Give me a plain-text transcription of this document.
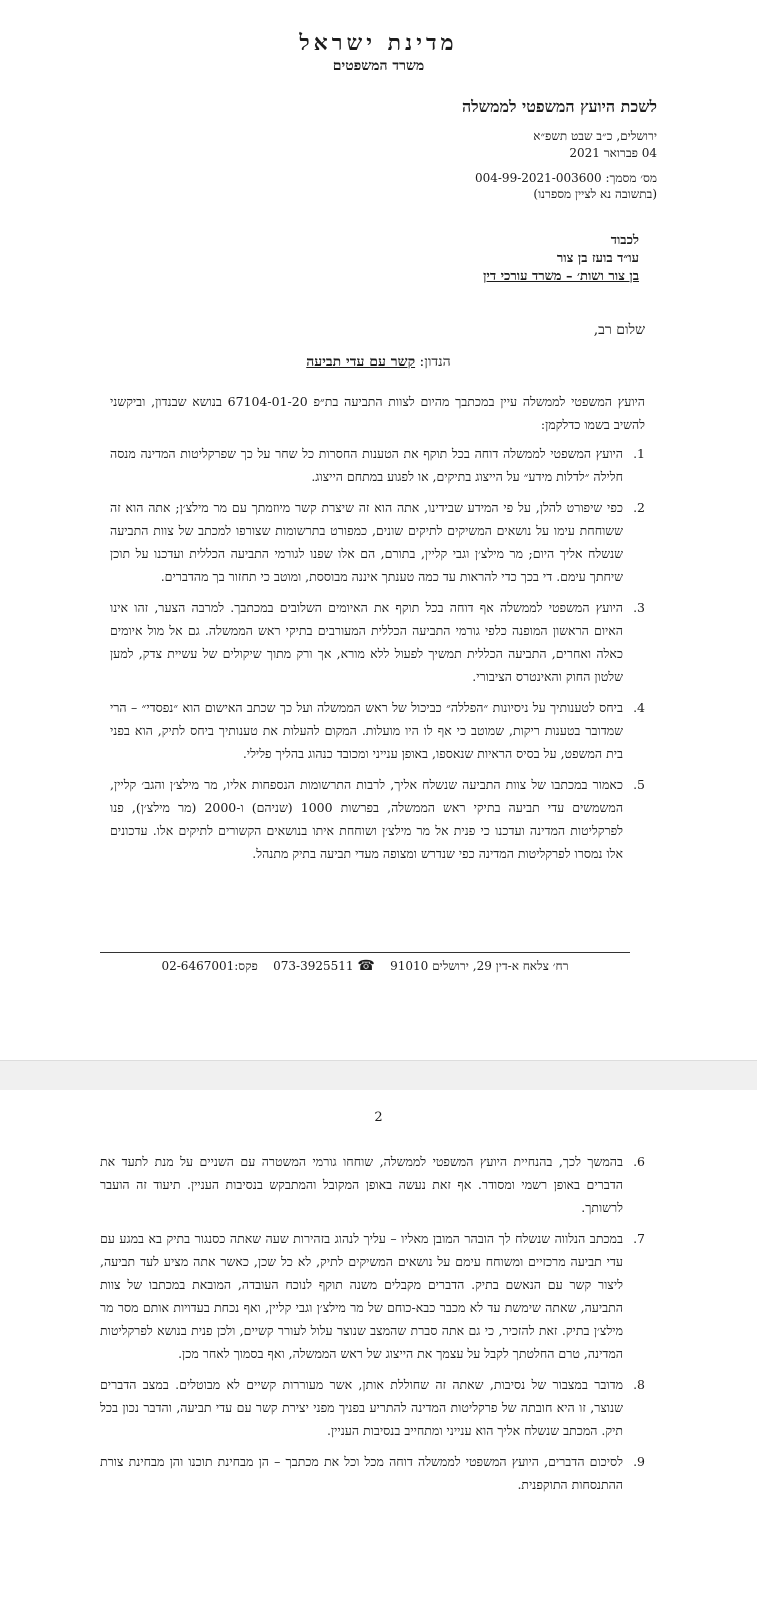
מדינת ישראל
משרד המשפטים
לשכת היועץ המשפטי לממשלה
ירושלים, כ״ב שבט תשפ״א
04 פברואר 2021
מס׳ מסמך: 004-99-2021-003600
(בתשובה נא לציין מספרנו)
לכבוד
עו״ד בועז בן צור
בן צור ושות׳ – משרד עורכי דין
שלום רב,
הנדון: קשר עם עדי תביעה
היועץ המשפטי לממשלה עיין במכתבך מהיום לצוות התביעה בת״פ 67104-01-20 בנושא שבנדון, וביקשני להשיב בשמו כדלקמן:
1.
היועץ המשפטי לממשלה דוחה בכל תוקף את הטענות החסרות כל שחר על כך שפרקליטות המדינה מנסה חלילה ״לדלות מידע״ על הייצוג בתיקים, או לפגוע במתחם הייצוג.
2.
כפי שיפורט להלן, על פי המידע שבידינו, אתה הוא זה שיצרת קשר מיוזמתך עם מר מילצ׳ן; אתה הוא זה ששוחחת עימו על נושאים המשיקים לתיקים שונים, כמפורט בתרשומות שצורפו למכתב של צוות התביעה שנשלח אליך היום; מר מילצ׳ן וגבי קליין, בתורם, הם אלו שפנו לגורמי התביעה הכללית ועדכנו על תוכן שיחתך עימם. די בכך כדי להראות עד כמה טענתך איננה מבוססת, ומוטב כי תחזור בך מהדברים.
3.
היועץ המשפטי לממשלה אף דוחה בכל תוקף את האיומים השלובים במכתבך. למרבה הצער, זהו אינו האיום הראשון המופנה כלפי גורמי התביעה הכללית המעורבים בתיקי ראש הממשלה. גם אל מול איומים כאלה ואחרים, התביעה הכללית תמשיך לפעול ללא מורא, אך ורק מתוך שיקולים של עשיית צדק, למען שלטון החוק והאינטרס הציבורי.
4.
ביחס לטענותיך על ניסיונות ״הפללה״ כביכול של ראש הממשלה ועל כך שכתב האישום הוא ״נפסדי״ – הרי שמדובר בטענות ריקות, שמוטב כי אף לו היו מועלות. המקום להעלות את טענותיך ביחס לתיק, הוא בפני בית המשפט, על בסיס הראיות שנאספו, באופן ענייני ומכובד כנהוג בהליך פלילי.
5.
כאמור במכתבו של צוות התביעה שנשלח אליך, לרבות התרשומות הנספחות אליו, מר מילצ׳ן והגב׳ קליין, המשמשים עדי תביעה בתיקי ראש הממשלה, בפרשות 1000 (שניהם) ו-2000 (מר מילצ׳ן), פנו לפרקליטות המדינה ועדכנו כי פנית אל מר מילצ׳ן ושוחחת איתו בנושאים הקשורים לתיקים אלו. עדכונים אלו נמסרו לפרקליטות המדינה כפי שנדרש ומצופה מעדי תביעה בתיק מתנהל.
רח׳ צלאח א-דין 29, ירושלים 91010    ☎ 073-3925511    פקס:02-6467001
2
6.
בהמשך לכך, בהנחיית היועץ המשפטי לממשלה, שוחחו גורמי המשטרה עם השניים על מנת לתעד את הדברים באופן רשמי ומסודר. אף זאת נעשה באופן המקובל והמתבקש בנסיבות העניין. תיעוד זה הועבר לרשותך.
7.
במכתב הנלווה שנשלח לך הובהר המובן מאליו – עליך לנהוג בזהירות שעה שאתה כסנגור בתיק בא במגע עם עדי תביעה מרכזיים ומשוחח עימם על נושאים המשיקים לתיק, לא כל שכן, כאשר אתה מציע לעד תביעה, ליצור קשר עם הנאשם בתיק. הדברים מקבלים משנה תוקף לנוכח העובדה, המובאת במכתבו של צוות התביעה, שאתה שימשת עד לא מכבר כבא-כוחם של מר מילצ׳ן וגבי קליין, ואף נכחת בעדויות אותם מסר מר מילצ׳ן בתיק. זאת להזכיר, כי גם אתה סברת שהמצב שנוצר עלול לעורר קשיים, ולכן פנית בנושא לפרקליטות המדינה, טרם החלטתך לקבל על עצמך את הייצוג של ראש הממשלה, ואף בסמוך לאחר מכן.
8.
מדובר במצבור של נסיבות, שאתה זה שחוללת אותן, אשר מעוררות קשיים לא מבוטלים. במצב הדברים שנוצר, זו היא חובתה של פרקליטות המדינה להתריע בפניך מפני יצירת קשר עם עדי תביעה, והדבר נכון בכל תיק. המכתב שנשלח אליך הוא ענייני ומתחייב בנסיבות העניין.
9.
לסיכום הדברים, היועץ המשפטי לממשלה דוחה מכל וכל את מכתבך – הן מבחינת תוכנו והן מבחינת צורת ההתנסחות התוקפנית.
